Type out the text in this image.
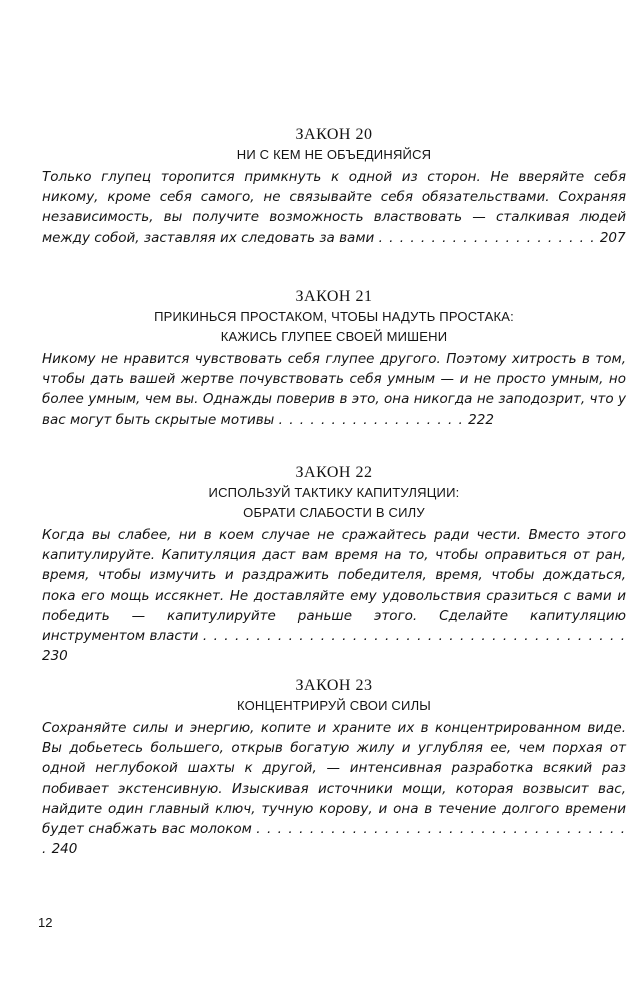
ЗАКОН 20

НИ С КЕМ НЕ ОБЪЕДИНЯЙСЯ

Только глупец торопится примкнуть к одной из сторон. Не вверяйте себя никому, кроме себя самого, не связывайте себя обязательствами. Сохраняя независимость, вы получите возможность властвовать — сталкивая людей между собой, заставляя их следовать за вами . . . . . . . . . . . . . . . . . . . . . 207

ЗАКОН 21

ПРИКИНЬСЯ ПРОСТАКОМ, ЧТОБЫ НАДУТЬ ПРОСТАКА:

КАЖИСЬ ГЛУПЕЕ СВОЕЙ МИШЕНИ

Никому не нравится чувствовать себя глупее другого. Поэтому хитрость в том, чтобы дать вашей жертве почувствовать себя умным — и не просто умным, но более умным, чем вы. Однажды поверив в это, она никогда не заподозрит, что у вас могут быть скрытые мотивы . . . . . . . . . . . . . . . . . . 222

ЗАКОН 22

ИСПОЛЬЗУЙ ТАКТИКУ КАПИТУЛЯЦИИ:

ОБРАТИ СЛАБОСТИ В СИЛУ

Когда вы слабее, ни в коем случае не сражайтесь ради чести. Вместо этого капитулируйте. Капитуляция даст вам время на то, чтобы оправиться от ран, время, чтобы измучить и раздражить победителя, время, чтобы дождаться, пока его мощь иссякнет. Не доставляйте ему удовольствия сразиться с вами и победить — капитулируйте раньше этого. Сделайте капитуляцию инструментом власти . . . . . . . . . . . . . . . . . . . . . . . . . . . . . . . . . . . . . . . . 230

ЗАКОН 23

КОНЦЕНТРИРУЙ СВОИ СИЛЫ

Сохраняйте силы и энергию, копите и храните их в концентрированном виде. Вы добьетесь большего, открыв богатую жилу и углубляя ее, чем порхая от одной неглубокой шахты к другой, — интенсивная разработка всякий раз побивает экстенсивную. Изыскивая источники мощи, которая возвысит вас, найдите один главный ключ, тучную корову, и она в течение долгого времени будет снабжать вас молоком . . . . . . . . . . . . . . . . . . . . . . . . . . . . . . . . . . . . 240

12
